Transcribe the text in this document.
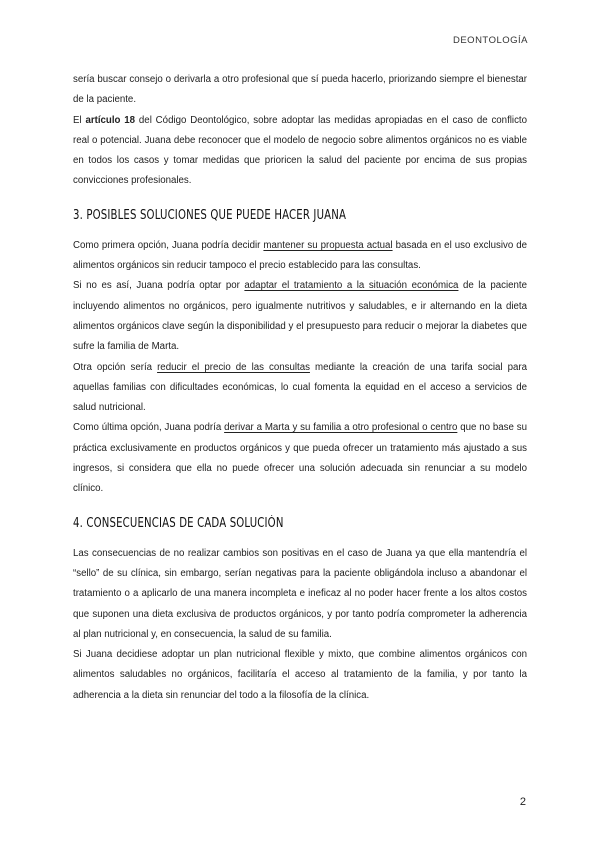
DEONTOLOGÍA

sería buscar consejo o derivarla a otro profesional que sí pueda hacerlo, priorizando siempre el bienestar de la paciente.

El artículo 18 del Código Deontológico, sobre adoptar las medidas apropiadas en el caso de conflicto real o potencial. Juana debe reconocer que el modelo de negocio sobre alimentos orgánicos no es viable en todos los casos y tomar medidas que prioricen la salud del paciente por encima de sus propias convicciones profesionales.

3. POSIBLES SOLUCIONES QUE PUEDE HACER JUANA

Como primera opción, Juana podría decidir mantener su propuesta actual basada en el uso exclusivo de alimentos orgánicos sin reducir tampoco el precio establecido para las consultas.

Si no es así, Juana podría optar por adaptar el tratamiento a la situación económica de la paciente incluyendo alimentos no orgánicos, pero igualmente nutritivos y saludables, e ir alternando en la dieta alimentos orgánicos clave según la disponibilidad y el presupuesto para reducir o mejorar la diabetes que sufre la familia de Marta.

Otra opción sería reducir el precio de las consultas mediante la creación de una tarifa social para aquellas familias con dificultades económicas, lo cual fomenta la equidad en el acceso a servicios de salud nutricional.

Como última opción, Juana podría derivar a Marta y su familia a otro profesional o centro que no base su práctica exclusivamente en productos orgánicos y que pueda ofrecer un tratamiento más ajustado a sus ingresos, si considera que ella no puede ofrecer una solución adecuada sin renunciar a su modelo clínico.

4. CONSECUENCIAS DE CADA SOLUCIÓN

Las consecuencias de no realizar cambios son positivas en el caso de Juana ya que ella mantendría el “sello” de su clínica, sin embargo, serían negativas para la paciente obligándola incluso a abandonar el tratamiento o a aplicarlo de una manera incompleta e ineficaz al no poder hacer frente a los altos costos que suponen una dieta exclusiva de productos orgánicos, y por tanto podría comprometer la adherencia al plan nutricional y, en consecuencia, la salud de su familia.

Si Juana decidiese adoptar un plan nutricional flexible y mixto, que combine alimentos orgánicos con alimentos saludables no orgánicos, facilitaría el acceso al tratamiento de la familia, y por tanto la adherencia a la dieta sin renunciar del todo a la filosofía de la clínica.

2
